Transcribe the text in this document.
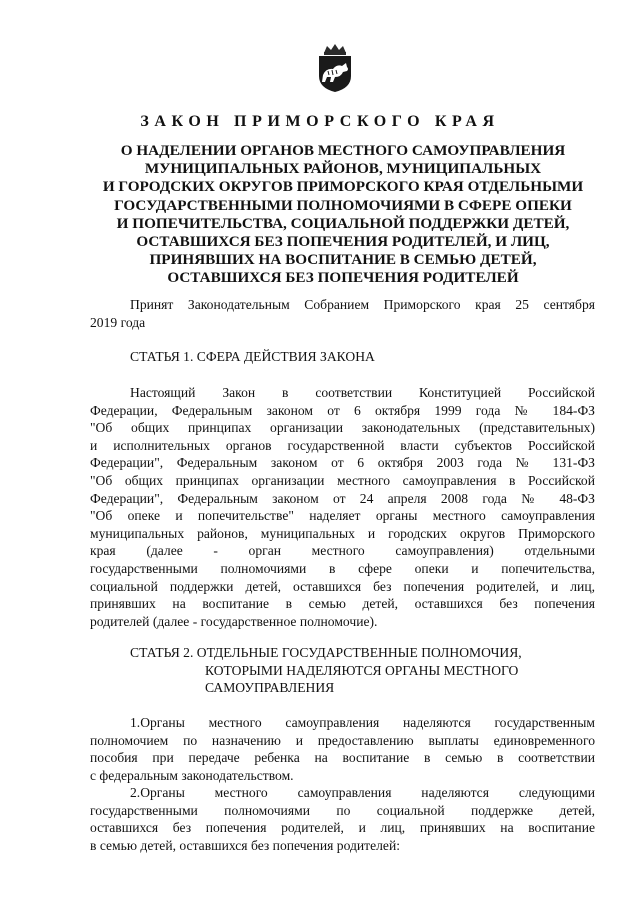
ЗАКОН ПРИМОРСКОГО КРАЯ
О НАДЕЛЕНИИ ОРГАНОВ МЕСТНОГО САМОУПРАВЛЕНИЯ
МУНИЦИПАЛЬНЫХ РАЙОНОВ, МУНИЦИПАЛЬНЫХ
И ГОРОДСКИХ ОКРУГОВ ПРИМОРСКОГО КРАЯ ОТДЕЛЬНЫМИ
ГОСУДАРСТВЕННЫМИ ПОЛНОМОЧИЯМИ В СФЕРЕ ОПЕКИ
И ПОПЕЧИТЕЛЬСТВА, СОЦИАЛЬНОЙ ПОДДЕРЖКИ ДЕТЕЙ,
ОСТАВШИХСЯ БЕЗ ПОПЕЧЕНИЯ РОДИТЕЛЕЙ, И ЛИЦ,
ПРИНЯВШИХ НА ВОСПИТАНИЕ В СЕМЬЮ ДЕТЕЙ,
ОСТАВШИХСЯ БЕЗ ПОПЕЧЕНИЯ РОДИТЕЛЕЙ
Принят Законодательным Собранием Приморского края 25 сентября
2019 года
СТАТЬЯ 1. СФЕРА ДЕЙСТВИЯ ЗАКОНА
Настоящий Закон в соответствии Конституцией Российской
Федерации, Федеральным законом от 6 октября 1999 года № 184-ФЗ
"Об общих принципах организации законодательных (представительных)
и исполнительных органов государственной власти субъектов Российской
Федерации", Федеральным законом от 6 октября 2003 года № 131-ФЗ
"Об общих принципах организации местного самоуправления в Российской
Федерации", Федеральным законом от 24 апреля 2008 года № 48-ФЗ
"Об опеке и попечительстве" наделяет органы местного самоуправления
муниципальных районов, муниципальных и городских округов Приморского
края (далее - орган местного самоуправления) отдельными
государственными полномочиями в сфере опеки и попечительства,
социальной поддержки детей, оставшихся без попечения родителей, и лиц,
принявших на воспитание в семью детей, оставшихся без попечения
родителей (далее - государственное полномочие).
СТАТЬЯ 2. ОТДЕЛЬНЫЕ ГОСУДАРСТВЕННЫЕ ПОЛНОМОЧИЯ,
КОТОРЫМИ НАДЕЛЯЮТСЯ ОРГАНЫ МЕСТНОГО
САМОУПРАВЛЕНИЯ
1.Органы местного самоуправления наделяются государственным
полномочием по назначению и предоставлению выплаты единовременного
пособия при передаче ребенка на воспитание в семью в соответствии
с федеральным законодательством.
2.Органы местного самоуправления наделяются следующими
государственными полномочиями по социальной поддержке детей,
оставшихся без попечения родителей, и лиц, принявших на воспитание
в семью детей, оставшихся без попечения родителей:
